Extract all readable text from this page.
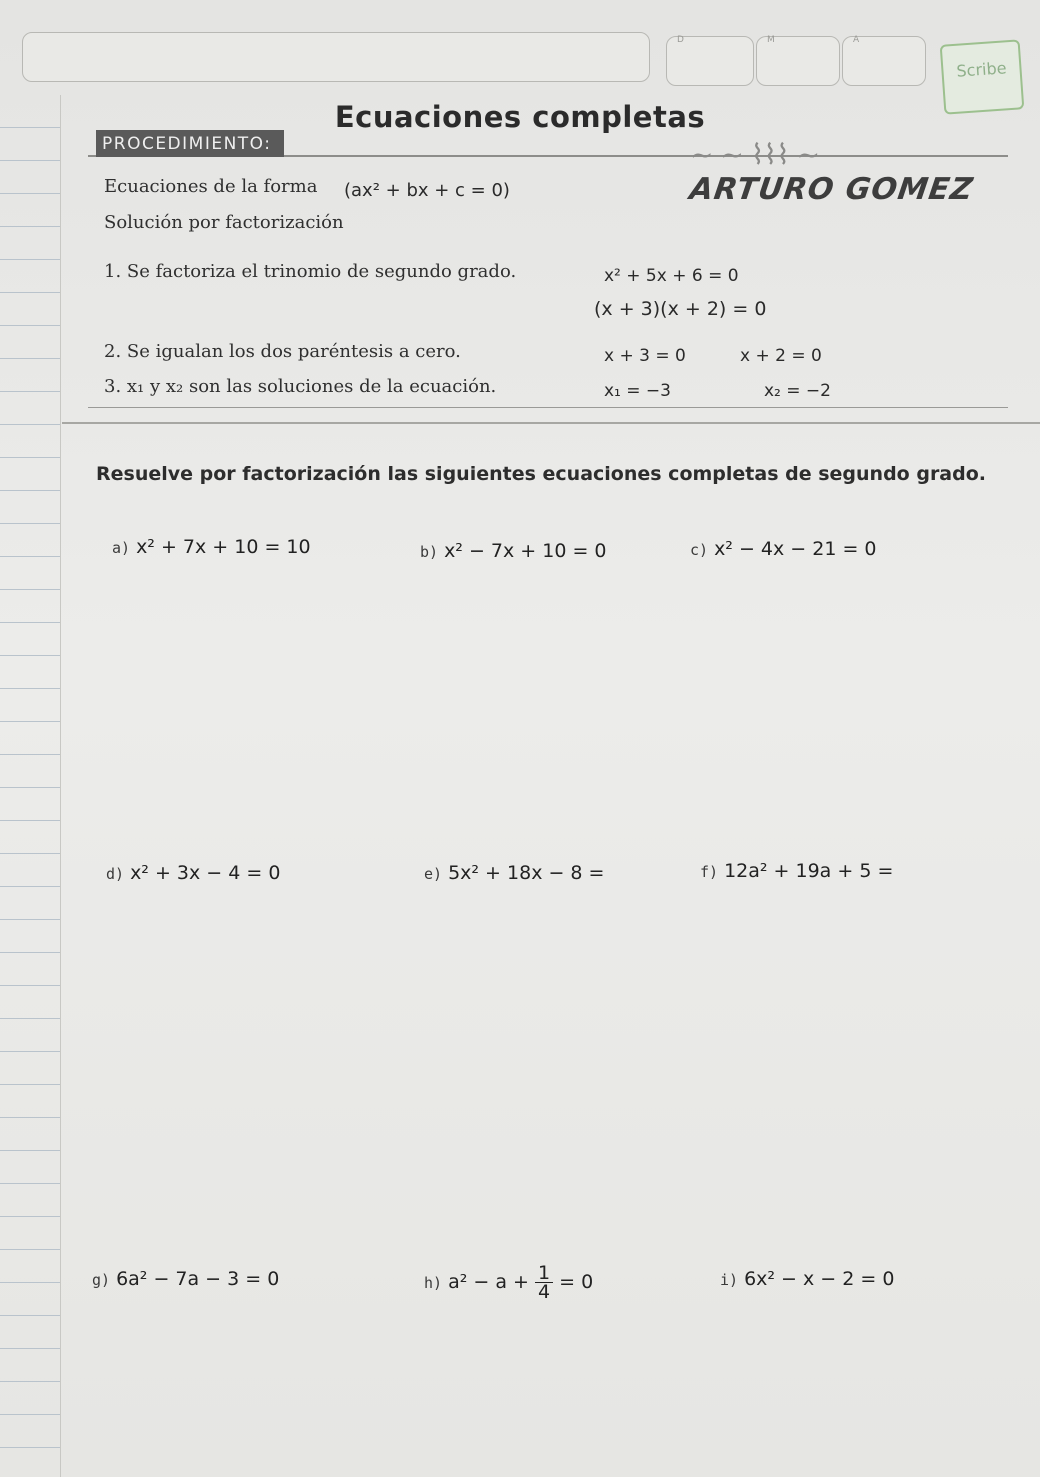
D	M	A
Scribe
Ecuaciones completas
PROCEDIMIENTO:	~ ~ ⌇⌇⌇ ~
ARTURO GOMEZ
Ecuaciones de la forma (ax² + bx + c = 0)
Solución por factorización
1. Se factoriza el trinomio de segundo grado.	x² + 5x + 6 = 0
(x + 3)(x + 2) = 0
2. Se igualan los dos paréntesis a cero.	x + 3 = 0	x + 2 = 0
3. x₁ y x₂ son las soluciones de la ecuación.	x₁ = −3	x₂ = −2
Resuelve por factorización las siguientes ecuaciones completas de segundo grado.
a) x² + 7x + 10 = 10	b) x² − 7x + 10 = 0	c) x² − 4x − 21 = 0
d) x² + 3x − 4 = 0	e) 5x² + 18x − 8 =	f) 12a² + 19a + 5 =
g) 6a² − 7a − 3 = 0	h) $a^2 - a + \frac{1}{4} = 0$	i) 6x² − x − 2 = 0
